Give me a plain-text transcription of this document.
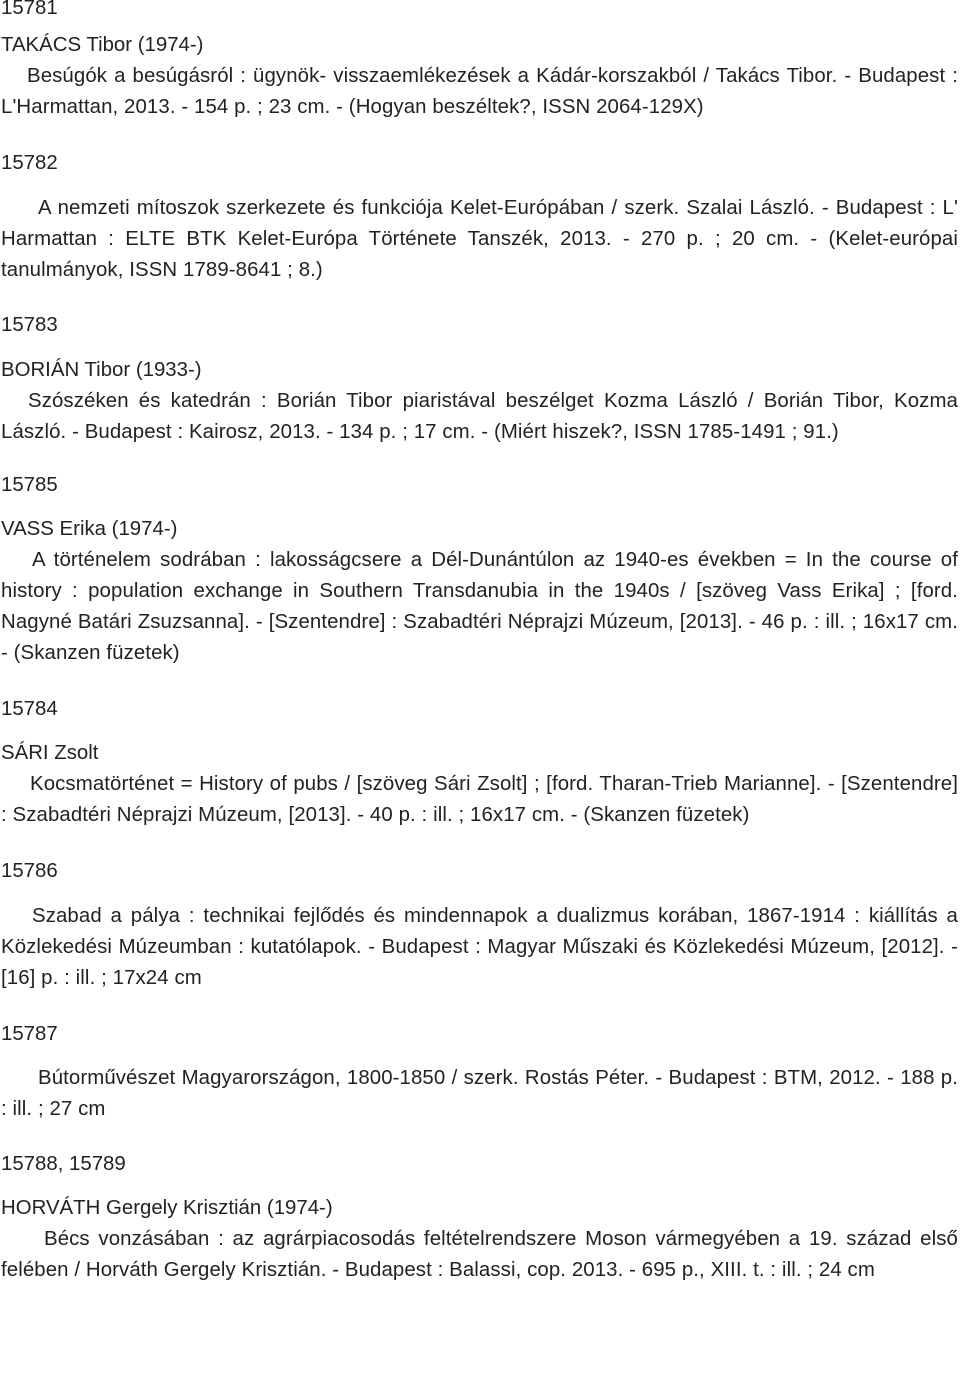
15781
TAKÁCS Tibor (1974-)
Besúgók a besúgásról : ügynök- visszaemlékezések a Kádár-korszakból / Takács Tibor. - Budapest : L'Harmattan, 2013. - 154 p. ; 23 cm. - (Hogyan beszéltek?, ISSN 2064-129X)
15782
A nemzeti mítoszok szerkezete és funkciója Kelet-Európában / szerk. Szalai László. - Budapest : L' Harmattan : ELTE BTK Kelet-Európa Története Tanszék, 2013. - 270 p. ; 20 cm. - (Kelet-európai tanulmányok, ISSN 1789-8641 ; 8.)
15783
BORIÁN Tibor (1933-)
Szószéken és katedrán : Borián Tibor piaristával beszélget Kozma László / Borián Tibor, Kozma László. - Budapest : Kairosz, 2013. - 134 p. ; 17 cm. - (Miért hiszek?, ISSN 1785-1491 ; 91.)
15785
VASS Erika (1974-)
A történelem sodrában : lakosságcsere a Dél-Dunántúlon az 1940-es években = In the course of history : population exchange in Southern Transdanubia in the 1940s / [szöveg Vass Erika] ; [ford. Nagyné Batári Zsuzsanna]. - [Szentendre] : Szabadtéri Néprajzi Múzeum, [2013]. - 46 p. : ill. ; 16x17 cm. - (Skanzen füzetek)
15784
SÁRI Zsolt
Kocsmatörténet = History of pubs / [szöveg Sári Zsolt] ; [ford. Tharan-Trieb Marianne]. - [Szentendre] : Szabadtéri Néprajzi Múzeum, [2013]. - 40 p. : ill. ; 16x17 cm. - (Skanzen füzetek)
15786
Szabad a pálya : technikai fejlődés és mindennapok a dualizmus korában, 1867-1914 : kiállítás a Közlekedési Múzeumban : kutatólapok. - Budapest : Magyar Műszaki és Közlekedési Múzeum, [2012]. - [16] p. : ill. ; 17x24 cm
15787
Bútorművészet Magyarországon, 1800-1850 / szerk. Rostás Péter. - Budapest : BTM, 2012. - 188 p. : ill. ; 27 cm
15788, 15789
HORVÁTH Gergely Krisztián (1974-)
Bécs vonzásában : az agrárpiacosodás feltételrendszere Moson vármegyében a 19. század első felében / Horváth Gergely Krisztián. - Budapest : Balassi, cop. 2013. - 695 p., XIII. t. : ill. ; 24 cm
